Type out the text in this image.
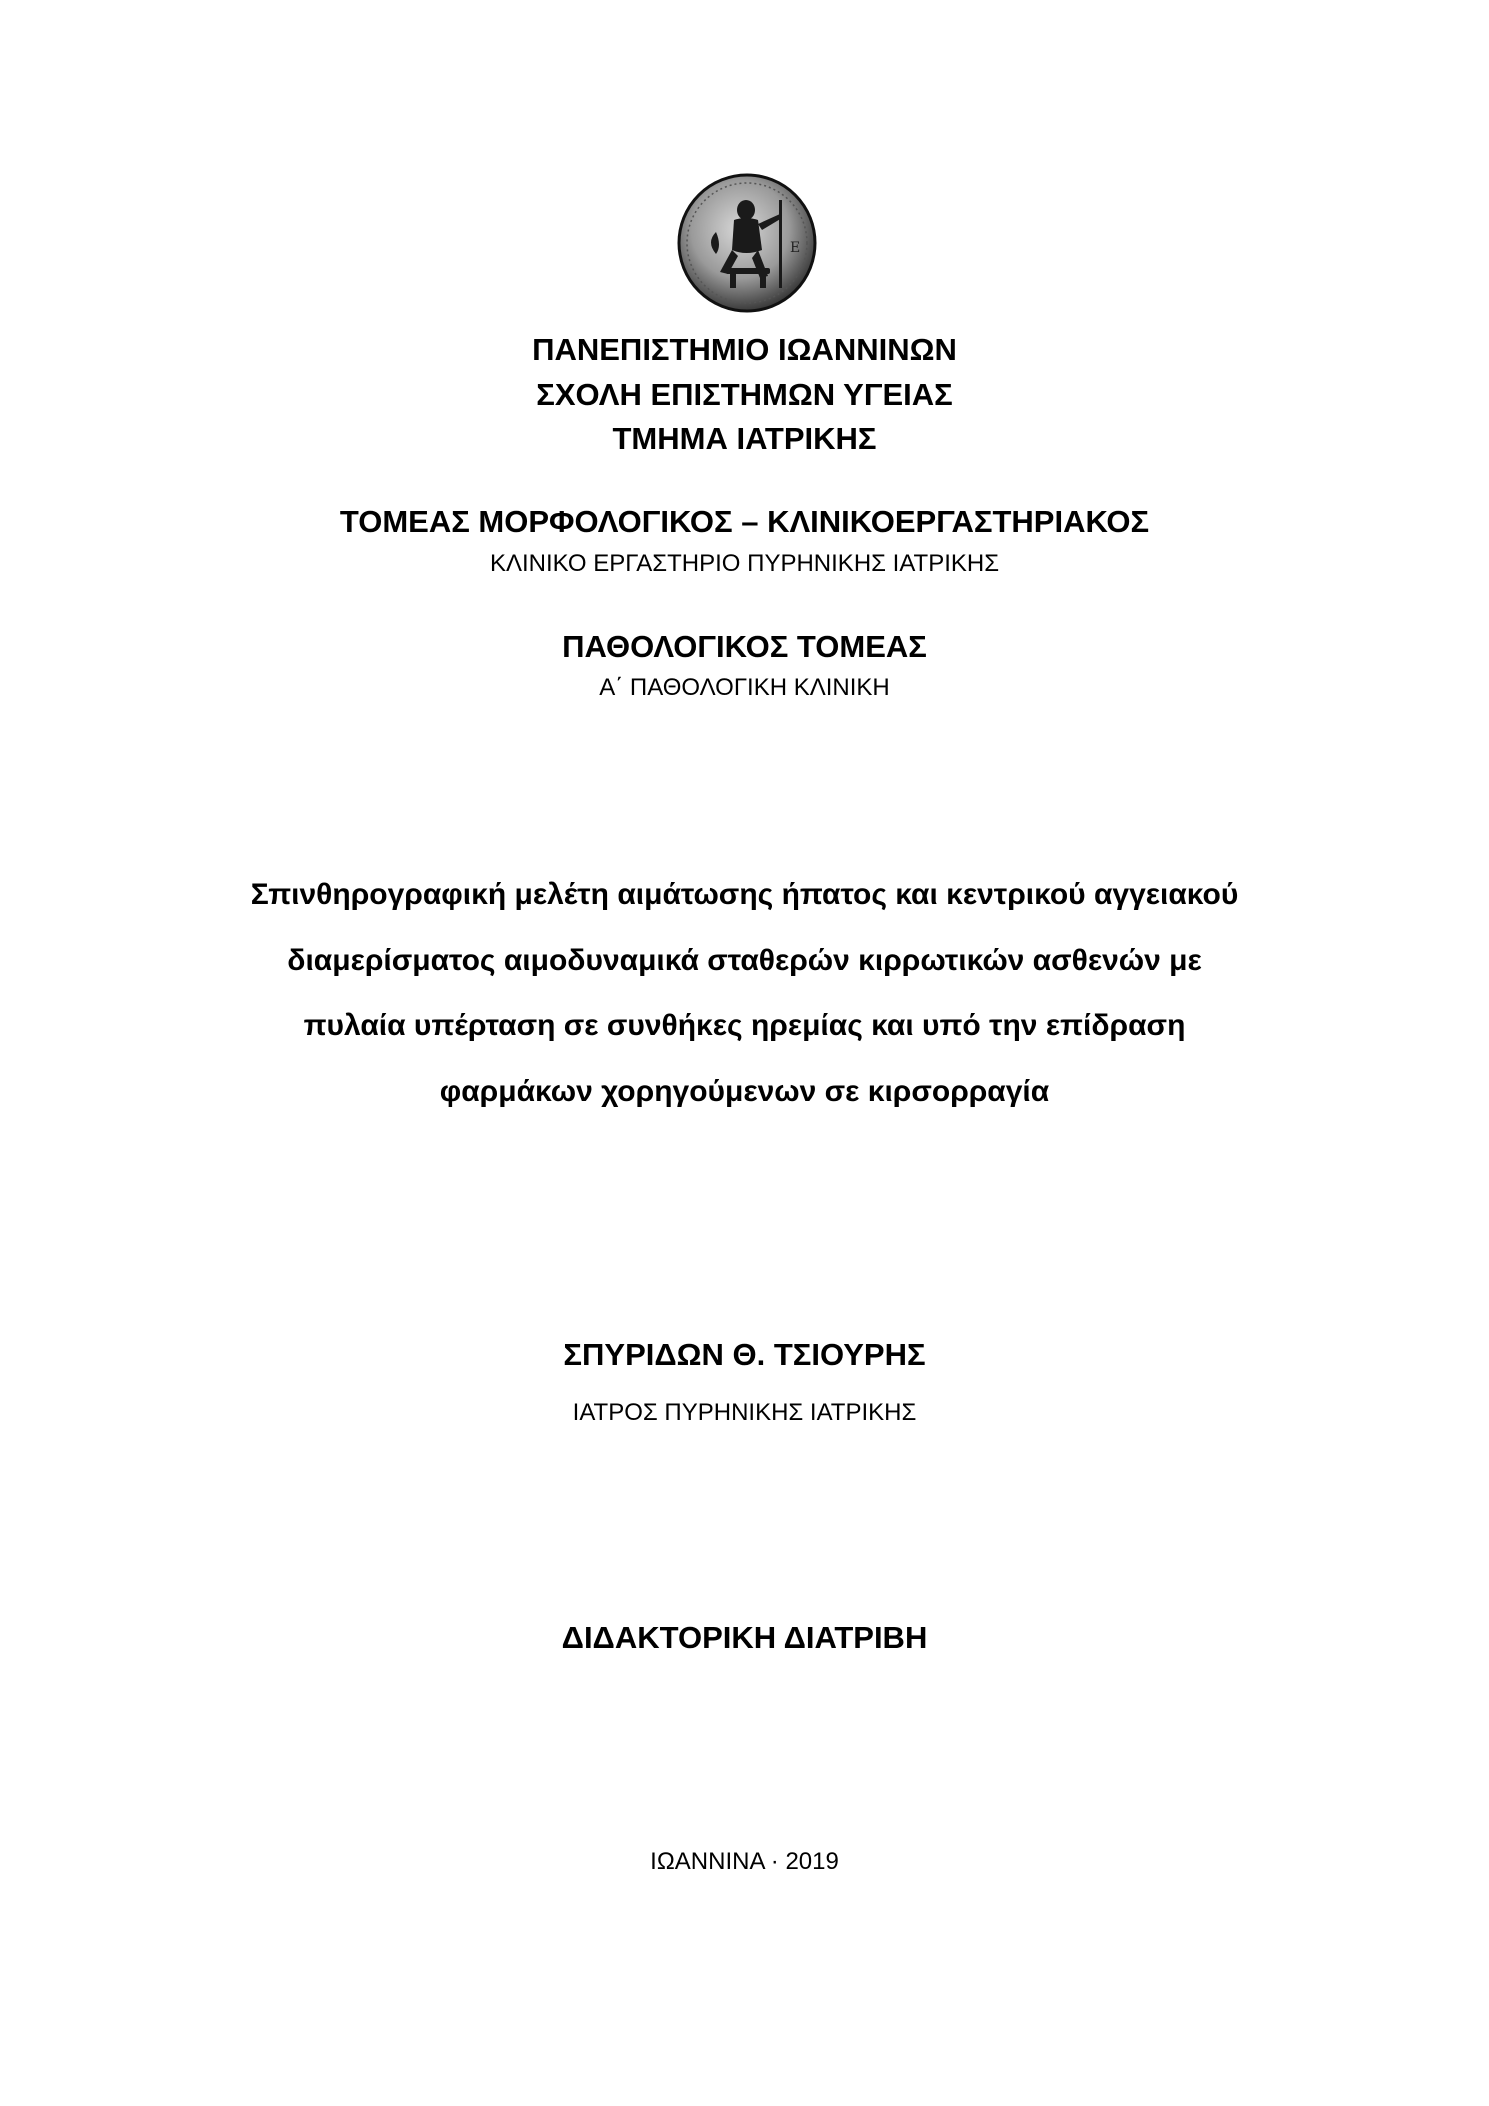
Ε
ΠΑΝΕΠΙΣΤΗΜΙΟ ΙΩΑΝΝΙΝΩΝ
ΣΧΟΛΗ ΕΠΙΣΤΗΜΩΝ ΥΓΕΙΑΣ
ΤΜΗΜΑ ΙΑΤΡΙΚΗΣ
ΤΟΜΕΑΣ ΜΟΡΦΟΛΟΓΙΚΟΣ – ΚΛΙΝΙΚΟΕΡΓΑΣΤΗΡΙΑΚΟΣ
ΚΛΙΝΙΚΟ ΕΡΓΑΣΤΗΡΙΟ ΠΥΡΗΝΙΚΗΣ ΙΑΤΡΙΚΗΣ
ΠΑΘΟΛΟΓΙΚΟΣ ΤΟΜΕΑΣ
Α΄ ΠΑΘΟΛΟΓΙΚΗ ΚΛΙΝΙΚΗ
Σπινθηρογραφική μελέτη αιμάτωσης ήπατος και κεντρικού αγγειακού
διαμερίσματος αιμοδυναμικά σταθερών κιρρωτικών ασθενών με
πυλαία υπέρταση σε συνθήκες ηρεμίας και υπό την επίδραση
φαρμάκων χορηγούμενων σε κιρσορραγία
ΣΠΥΡΙΔΩΝ Θ. ΤΣΙΟΥΡΗΣ
ΙΑΤΡΟΣ ΠΥΡΗΝΙΚΗΣ ΙΑΤΡΙΚΗΣ
ΔΙΔΑΚΤΟΡΙΚΗ ΔΙΑΤΡΙΒΗ
ΙΩΑΝΝΙΝΑ · 2019
